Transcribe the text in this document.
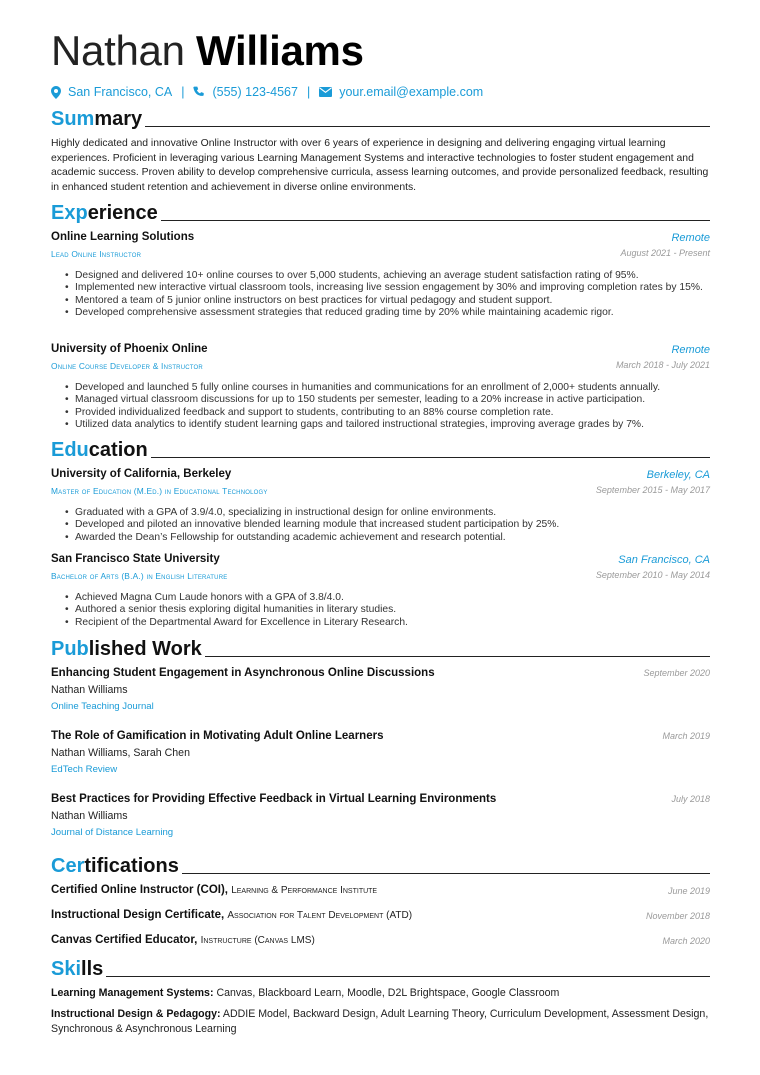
Nathan Williams
San Francisco, CA | (555) 123-4567 | your.email@example.com
Summary
Highly dedicated and innovative Online Instructor with over 6 years of experience in designing and delivering engaging virtual learning experiences. Proficient in leveraging various Learning Management Systems and interactive technologies to foster student engagement and academic success. Proven ability to develop comprehensive curricula, assess learning outcomes, and provide personalized feedback, resulting in enhanced student retention and achievement in diverse online environments.
Experience
Online Learning Solutions	Remote
Lead Online Instructor	August 2021 - Present
• Designed and delivered 10+ online courses to over 5,000 students, achieving an average student satisfaction rating of 95%.
• Implemented new interactive virtual classroom tools, increasing live session engagement by 30% and improving completion rates by 15%.
• Mentored a team of 5 junior online instructors on best practices for virtual pedagogy and student support.
• Developed comprehensive assessment strategies that reduced grading time by 20% while maintaining academic rigor.
University of Phoenix Online	Remote
Online Course Developer & Instructor	March 2018 - July 2021
• Developed and launched 5 fully online courses in humanities and communications for an enrollment of 2,000+ students annually.
• Managed virtual classroom discussions for up to 150 students per semester, leading to a 20% increase in active participation.
• Provided individualized feedback and support to students, contributing to an 88% course completion rate.
• Utilized data analytics to identify student learning gaps and tailored instructional strategies, improving average grades by 7%.
Education
University of California, Berkeley	Berkeley, CA
Master of Education (M.Ed.) in Educational Technology	September 2015 - May 2017
• Graduated with a GPA of 3.9/4.0, specializing in instructional design for online environments.
• Developed and piloted an innovative blended learning module that increased student participation by 25%.
• Awarded the Dean’s Fellowship for outstanding academic achievement and research potential.
San Francisco State University	San Francisco, CA
Bachelor of Arts (B.A.) in English Literature	September 2010 - May 2014
• Achieved Magna Cum Laude honors with a GPA of 3.8/4.0.
• Authored a senior thesis exploring digital humanities in literary studies.
• Recipient of the Departmental Award for Excellence in Literary Research.
Published Work
Enhancing Student Engagement in Asynchronous Online Discussions	September 2020
Nathan Williams
Online Teaching Journal
The Role of Gamification in Motivating Adult Online Learners	March 2019
Nathan Williams, Sarah Chen
EdTech Review
Best Practices for Providing Effective Feedback in Virtual Learning Environments	July 2018
Nathan Williams
Journal of Distance Learning
Certifications
Certified Online Instructor (COI), Learning & Performance Institute	June 2019
Instructional Design Certificate, Association for Talent Development (ATD)	November 2018
Canvas Certified Educator, Instructure (Canvas LMS)	March 2020
Skills
Learning Management Systems: Canvas, Blackboard Learn, Moodle, D2L Brightspace, Google Classroom
Instructional Design & Pedagogy: ADDIE Model, Backward Design, Adult Learning Theory, Curriculum Development, Assessment Design, Synchronous & Asynchronous Learning
